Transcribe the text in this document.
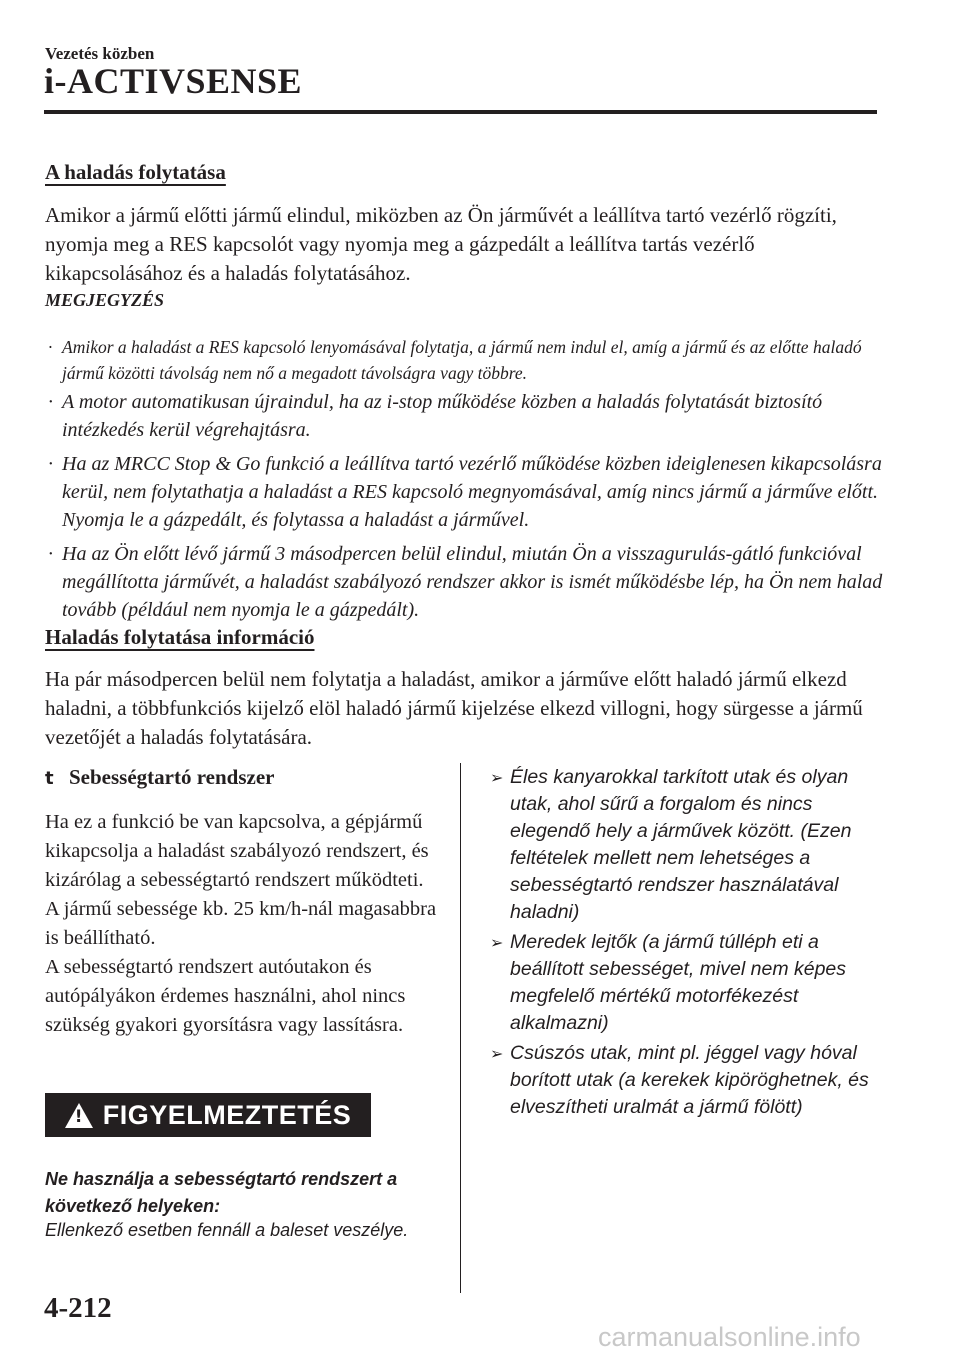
Vezetés közben
i-ACTIVSENSE
A haladás folytatása
Amikor a jármű előtti jármű elindul, miközben az Ön járművét a leállítva tartó vezérlő rögzíti, nyomja meg a RES kapcsolót vagy nyomja meg a gázpedált a leállítva tartás vezérlő kikapcsolásához és a haladás folytatásához.
MEGJEGYZÉS
· Amikor a haladást a RES kapcsoló lenyomásával folytatja, a jármű nem indul el, amíg a jármű és az előtte haladó jármű közötti távolság nem nő a megadott távolságra vagy többre.
· A motor automatikusan újraindul, ha az i-stop működése közben a haladás folytatását biztosító intézkedés kerül végrehajtásra.
· Ha az MRCC Stop & Go funkció a leállítva tartó vezérlő működése közben ideiglenesen kikapcsolásra kerül, nem folytathatja a haladást a RES kapcsoló megnyomásával, amíg nincs jármű a járműve előtt. Nyomja le a gázpedált, és folytassa a haladást a járművel.
· Ha az Ön előtt lévő jármű 3 másodpercen belül elindul, miután Ön a visszagurulás-gátló funkcióval megállította járművét, a haladást szabályozó rendszer akkor is ismét működésbe lép, ha Ön nem halad tovább (például nem nyomja le a gázpedált).
Haladás folytatása információ
Ha pár másodpercen belül nem folytatja a haladást, amikor a járműve előtt haladó jármű elkezd haladni, a többfunkciós kijelző elöl haladó jármű kijelzése elkezd villogni, hogy sürgesse a jármű vezetőjét a haladás folytatására.
t Sebességtartó rendszer

Ha ez a funkció be van kapcsolva, a gépjármű kikapcsolja a haladást szabályozó rendszert, és kizárólag a sebességtartó rendszert működteti.

A jármű sebessége kb. 25 km/h-nál magasabbra is beállítható.

A sebességtartó rendszert autóutakon és autópályákon érdemes használni, ahol nincs szükség gyakori gyorsításra vagy lassításra.

!
FIGYELMEZTETÉS
Ne használja a sebességtartó rendszert a következő helyeken:
Ellenkező esetben fennáll a baleset veszélye.
➢ Éles kanyarokkal tarkított utak és olyan utak, ahol sűrű a forgalom és nincs elegendő hely a járművek között. (Ezen feltételek mellett nem lehetséges a sebességtartó rendszer használatával haladni)
➢ Meredek lejtők (a jármű túlléph eti a beállított sebességet, mivel nem képes megfelelő mértékű motorfékezést alkalmazni)
➢ Csúszós utak, mint pl. jéggel vagy hóval borított utak (a kerekek kipöröghetnek, és elveszítheti uralmát a jármű fölött)
4-212
carmanualsonline.info
